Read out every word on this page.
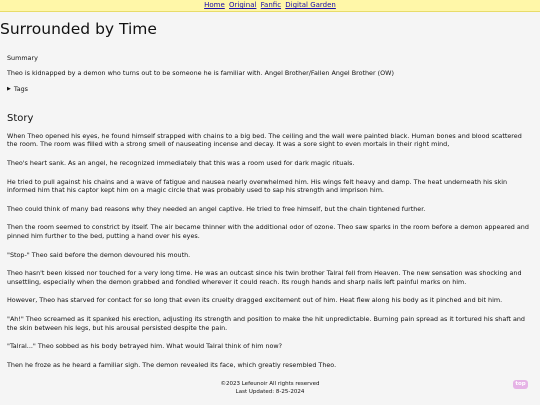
Home Original Fanfic Digital Garden
Surrounded by Time
Summary
Theo is kidnapped by a demon who turns out to be someone he is familiar with. Angel Brother/Fallen Angel Brother (OW)
▶ Tags
Story

When Theo opened his eyes, he found himself strapped with chains to a big bed. The ceiling and the wall were painted black. Human bones and blood scattered the room. The room was filled with a strong smell of nauseating incense and decay. It was a sore sight to even mortals in their right mind,

Theo's heart sank. As an angel, he recognized immediately that this was a room used for dark magic rituals.

He tried to pull against his chains and a wave of fatigue and nausea nearly overwhelmed him. His wings felt heavy and damp. The heat underneath his skin informed him that his captor kept him on a magic circle that was probably used to sap his strength and imprison him.

Theo could think of many bad reasons why they needed an angel captive. He tried to free himself, but the chain tightened further.

Then the room seemed to constrict by itself. The air became thinner with the additional odor of ozone. Theo saw sparks in the room before a demon appeared and pinned him further to the bed, putting a hand over his eyes.

"Stop-" Theo said before the demon devoured his mouth.

Theo hasn't been kissed nor touched for a very long time. He was an outcast since his twin brother Talral fell from Heaven. The new sensation was shocking and unsettling, especially when the demon grabbed and fondled wherever it could reach. Its rough hands and sharp nails left painful marks on him.

However, Theo has starved for contact for so long that even its cruelty dragged excitement out of him. Heat flew along his body as it pinched and bit him.

"Ah!" Theo screamed as it spanked his erection, adjusting its strength and position to make the hit unpredictable. Burning pain spread as it tortured his shaft and the skin between his legs, but his arousal persisted despite the pain.

"Talral..." Theo sobbed as his body betrayed him. What would Talral think of him now?

Then he froze as he heard a familiar sigh. The demon revealed its face, which greatly resembled Theo.

©2023 Lefeunoir All rights reserved
Last Updated: 8-25-2024
top
